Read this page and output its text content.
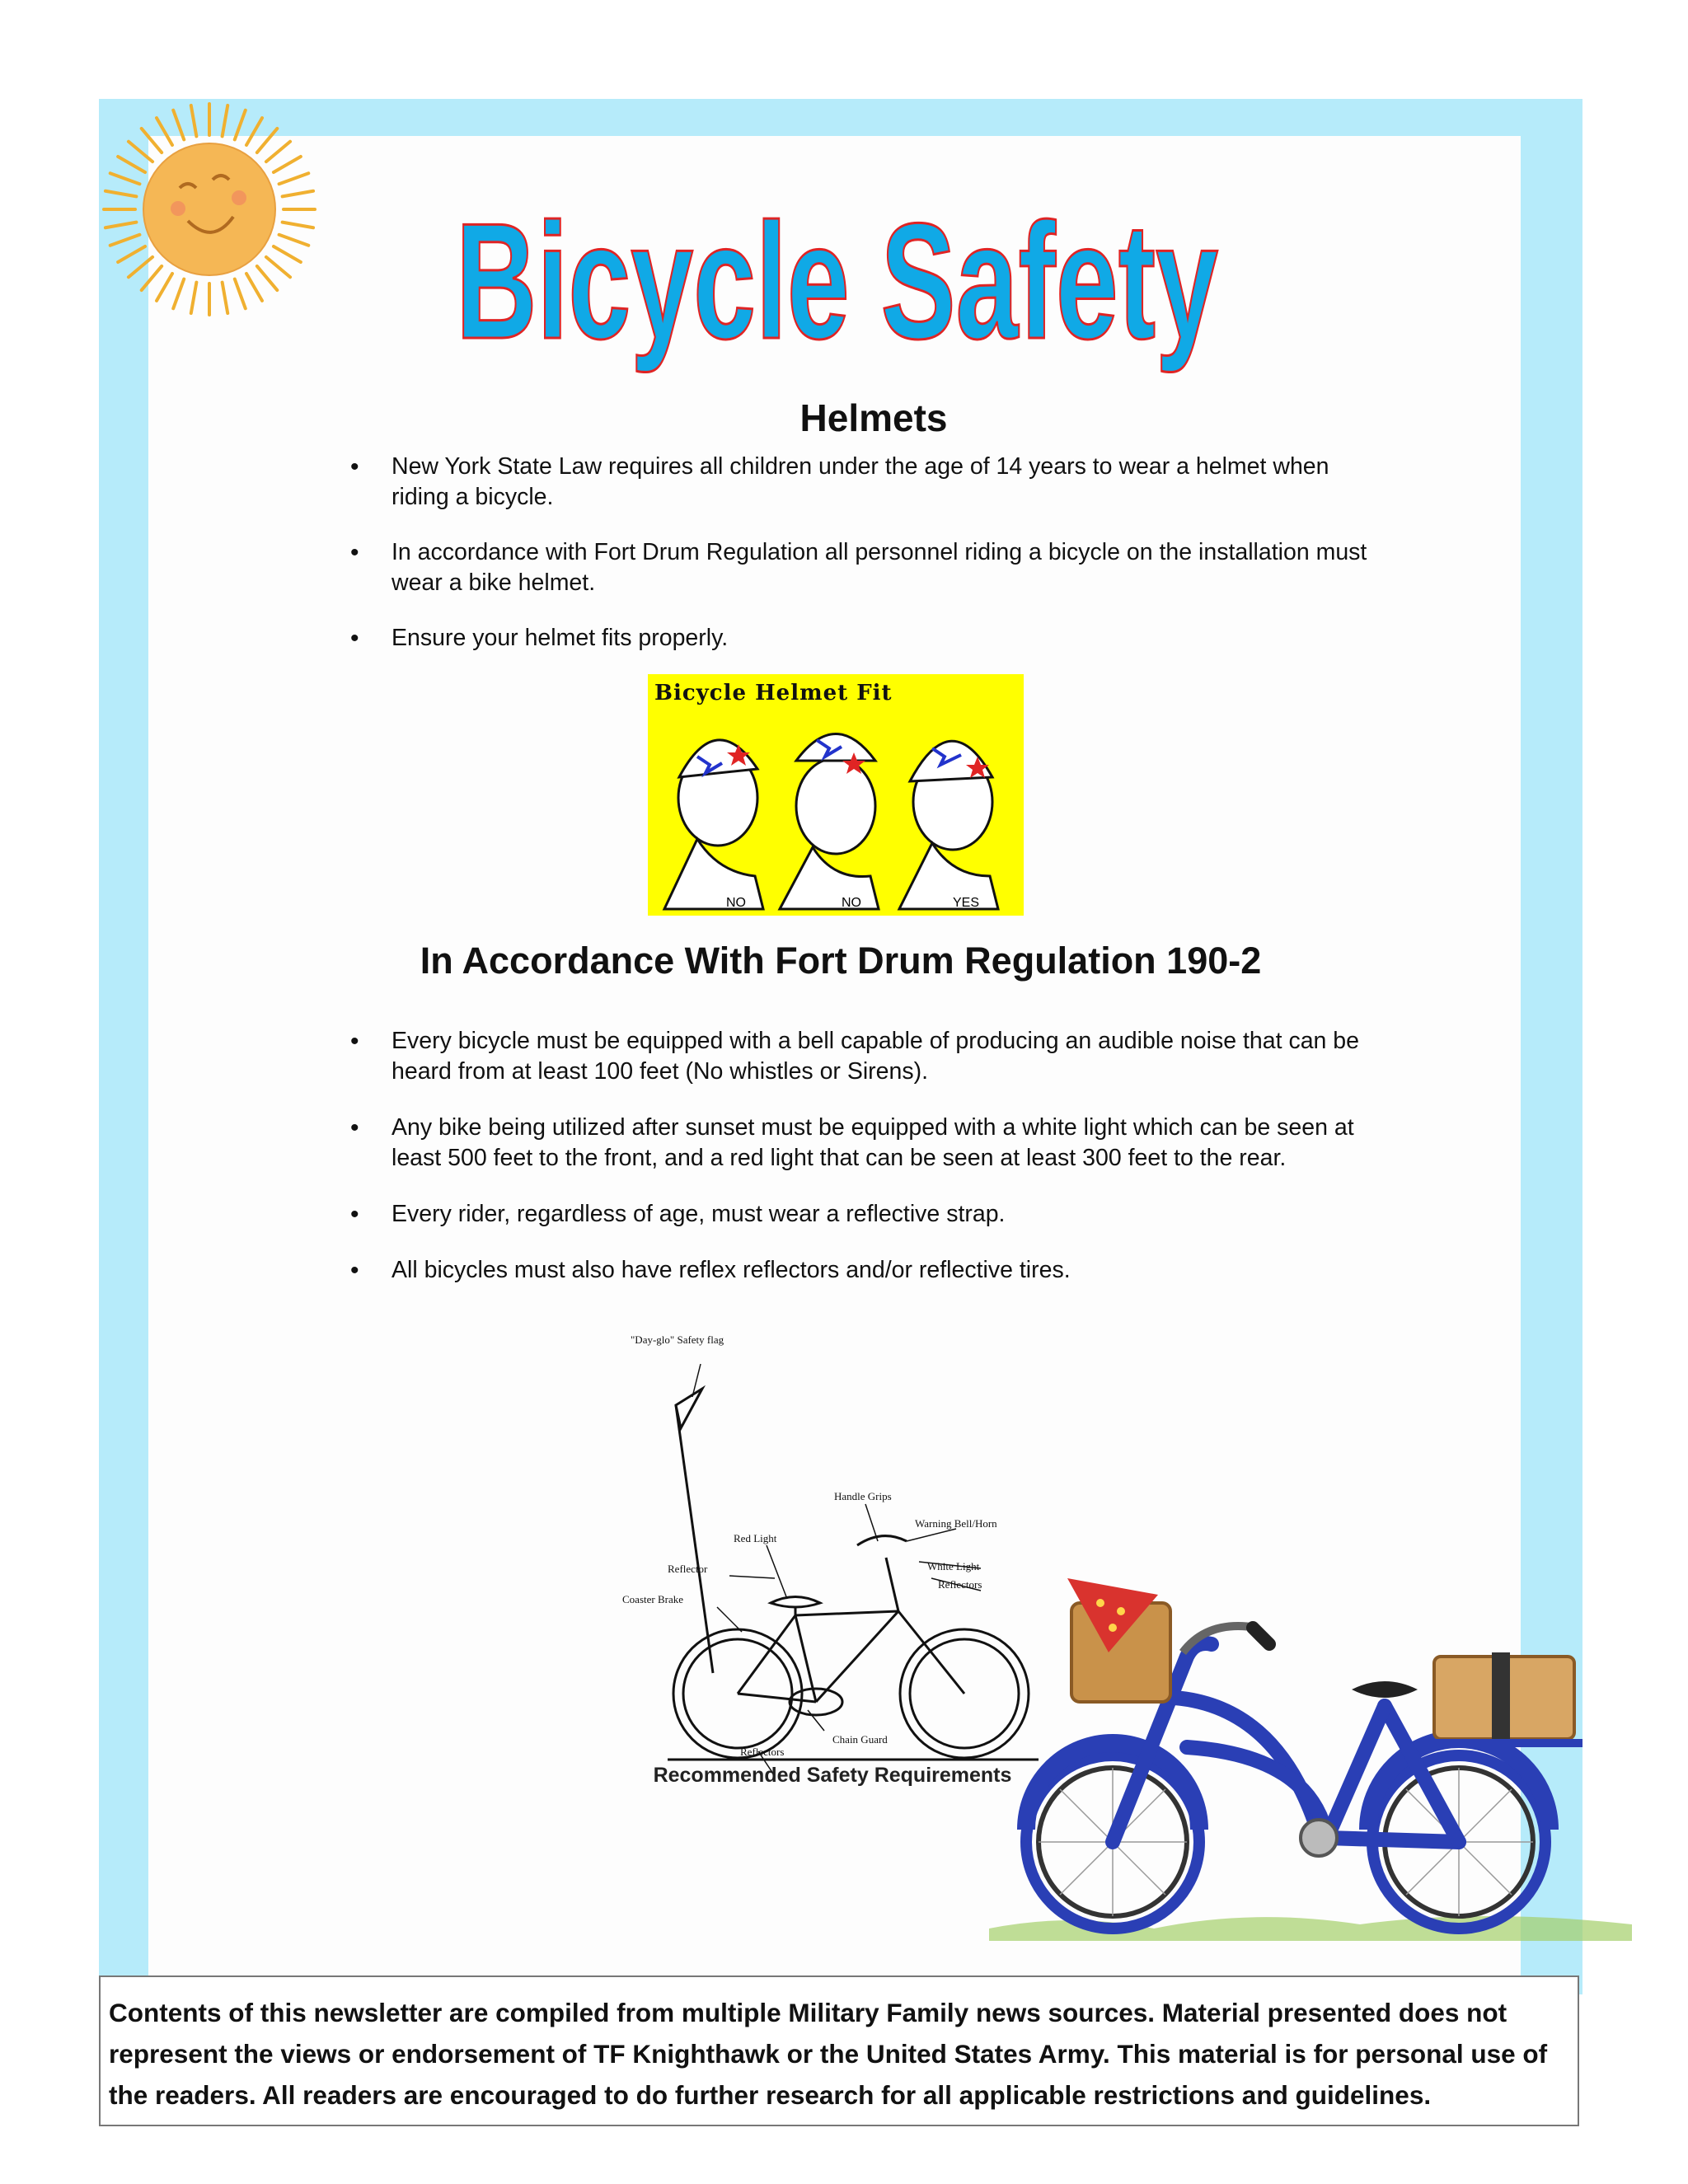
Bicycle Safety
Helmets
• New York State Law requires all children under the age of 14 years to wear a helmet when riding a bicycle.
• In accordance with Fort Drum Regulation all personnel riding a bicycle on the installation must wear a bike helmet.
• Ensure your helmet fits properly.
Bicycle Helmet Fit
NO	NO	YES
In Accordance With Fort Drum Regulation 190-2
• Every bicycle must be equipped with a bell capable of producing an audible noise that can be heard from at least 100 feet (No whistles or Sirens).
• Any bike being utilized after sunset must be equipped with a white light which can be seen at least 500 feet to the front, and a red light that can be seen at least 300 feet to the rear.
• Every rider, regardless of age, must wear a reflective strap.
• All bicycles must also have reflex reflectors and/or reflective tires.
"Day-glo" Safety flag
Handle Grips
Warning Bell/Horn
Red Light
White Light
Reflector
Reflectors
Coaster Brake
Chain Guard
Reflectors
Recommended Safety Requirements
Contents of this newsletter are compiled from multiple Military Family news sources. Material presented does not represent the views or endorsement of TF Knighthawk or the United States Army. This material is for personal use of the readers. All readers are encouraged to do further research for all applicable restrictions and guidelines.
